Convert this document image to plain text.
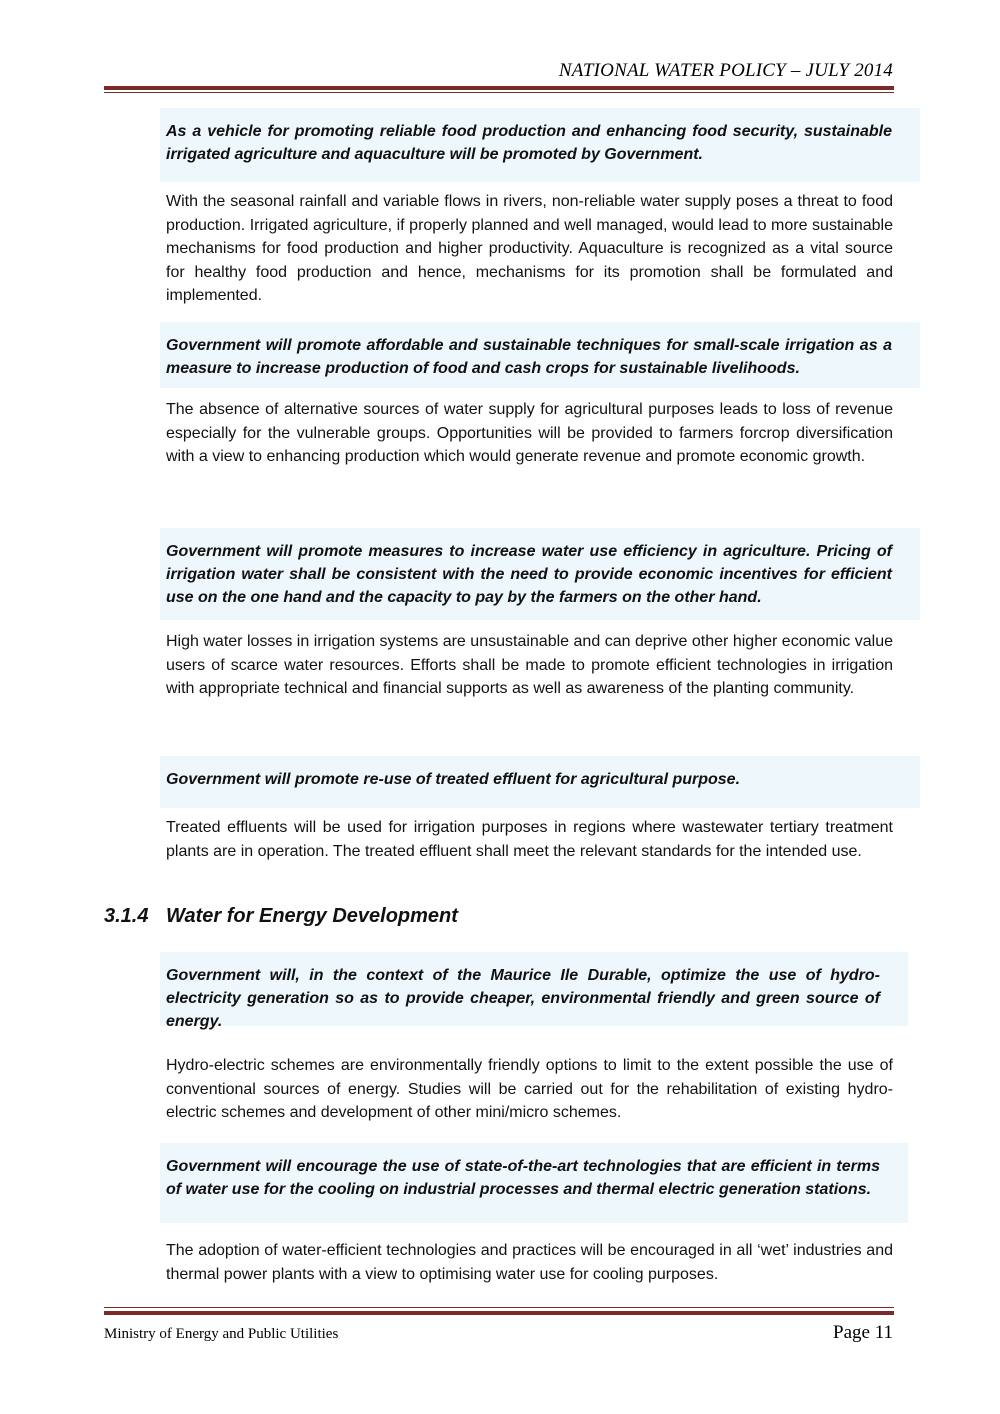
NATIONAL WATER POLICY – JULY 2014

As a vehicle for promoting reliable food production and enhancing food security, sustainable irrigated agriculture and aquaculture will be promoted by Government.

With the seasonal rainfall and variable flows in rivers, non-reliable water supply poses a threat to food production. Irrigated agriculture, if properly planned and well managed, would lead to more sustainable mechanisms for food production and higher productivity. Aquaculture is recognized as a vital source for healthy food production and hence, mechanisms for its promotion shall be formulated and implemented.

Government will promote affordable and sustainable techniques for small-scale irrigation as a measure to increase production of food and cash crops for sustainable livelihoods.

The absence of alternative sources of water supply for agricultural purposes leads to loss of revenue especially for the vulnerable groups. Opportunities will be provided to farmers forcrop diversification with a view to enhancing production which would generate revenue and promote economic growth.

Government will promote measures to increase water use efficiency in agriculture. Pricing of irrigation water shall be consistent with the need to provide economic incentives for efficient use on the one hand and the capacity to pay by the farmers on the other hand.

High water losses in irrigation systems are unsustainable and can deprive other higher economic value users of scarce water resources. Efforts shall be made to promote efficient technologies in irrigation with appropriate technical and financial supports as well as awareness of the planting community.

Government will promote re-use of treated effluent for agricultural purpose.

Treated effluents will be used for irrigation purposes in regions where wastewater tertiary treatment plants are in operation. The treated effluent shall meet the relevant standards for the intended use.

3.1.4 Water for Energy Development

Government will, in the context of the Maurice Ile Durable, optimize the use of hydro-electricity generation so as to provide cheaper, environmental friendly and green source of energy.

Hydro-electric schemes are environmentally friendly options to limit to the extent possible the use of conventional sources of energy. Studies will be carried out for the rehabilitation of existing hydro-electric schemes and development of other mini/micro schemes.

Government will encourage the use of state-of-the-art technologies that are efficient in terms of water use for the cooling on industrial processes and thermal electric generation stations.

The adoption of water-efficient technologies and practices will be encouraged in all ‘wet’ industries and thermal power plants with a view to optimising water use for cooling purposes.

Ministry of Energy and Public Utilities	Page 11
